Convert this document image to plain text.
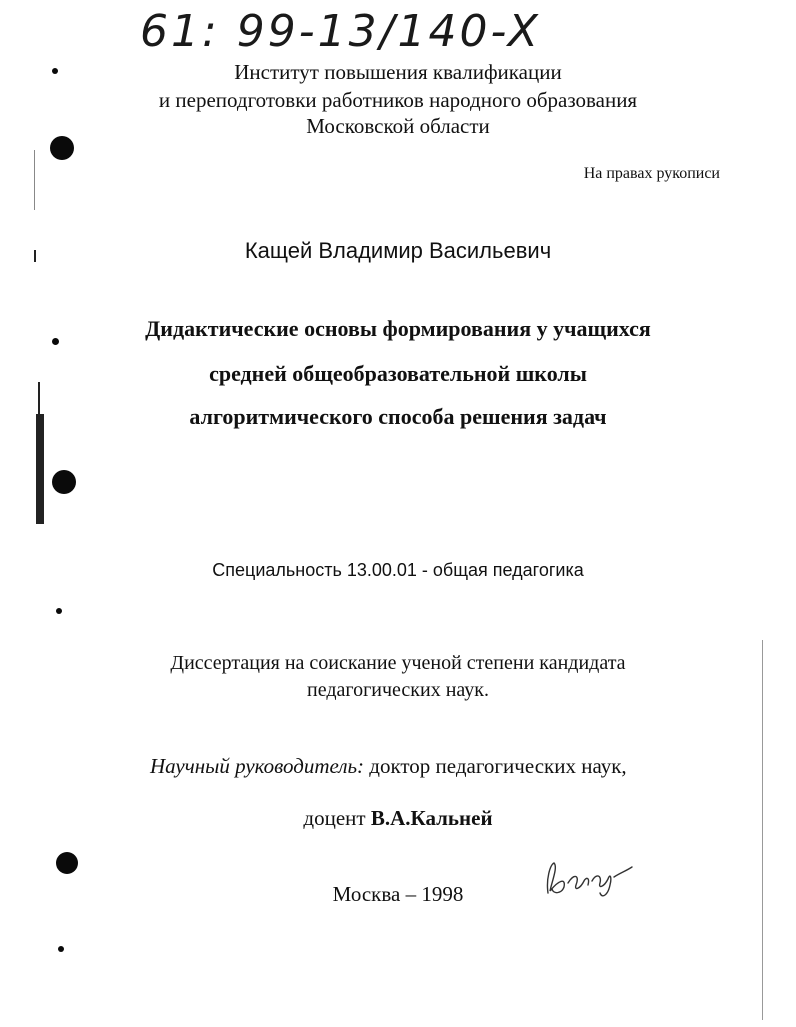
61: 99-13/140-X
Институт повышения квалификации
и переподготовки работников народного образования
Московской области
На правах рукописи
Кащей Владимир Васильевич
Дидактические основы формирования у учащихся
средней общеобразовательной школы
алгоритмического способа решения задач
Специальность 13.00.01 - общая педагогика
Диссертация на соискание ученой степени кандидата
педагогических наук.
Научный руководитель: доктор педагогических наук,
доцент В.А.Кальней
Москва – 1998
